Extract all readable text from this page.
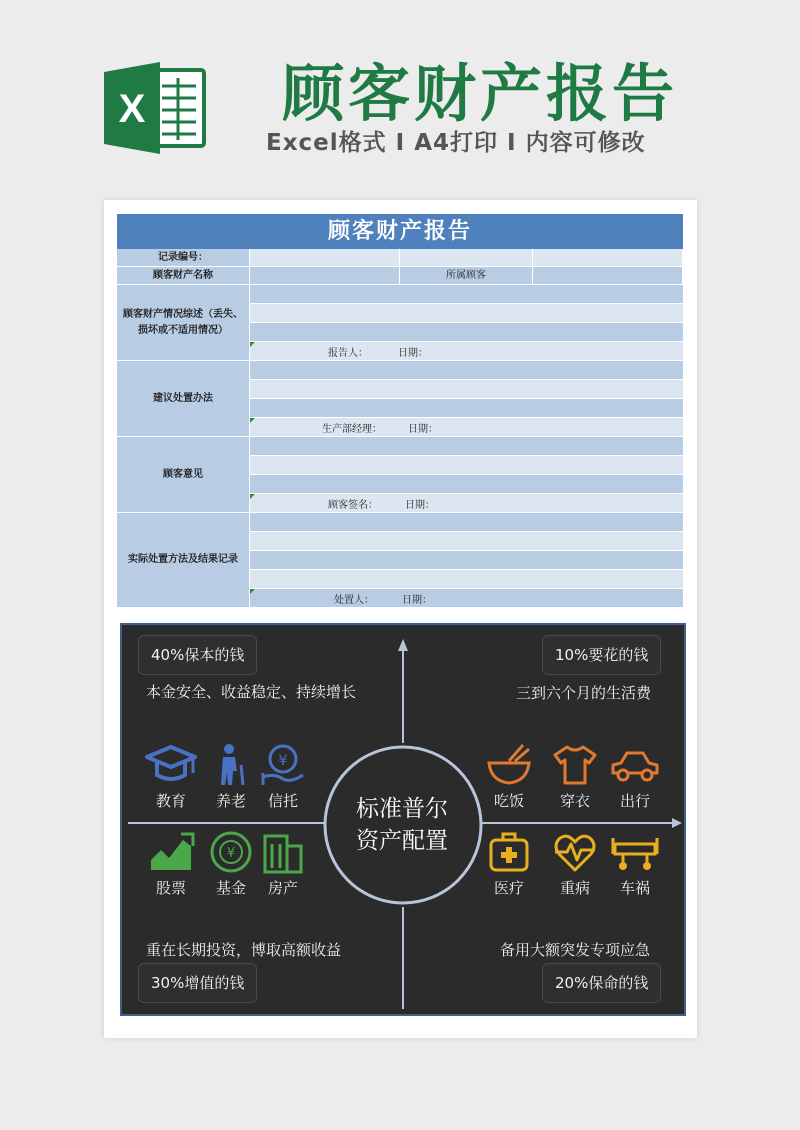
X 顾客财产报告
Excel格式 I A4打印 I 内容可修改
顾客财产报告
记录编号：
顾客财产名称	所属顾客
顾客财产情况综述（丢失、损坏或不适用情况）
报告人：	日期：
建议处置办法
生产部经理：	日期：
顾客意见
顾客签名：	日期：
实际处置方法及结果记录
处置人：	日期：
标准普尔
资产配置
40%保本的钱
本金安全、收益稳定、持续增长
10%要花的钱
三到六个月的生活费
重在长期投资，博取高额收益
30%增值的钱
备用大额突发专项应急
20%保命的钱
教育	养老
¥
信托
股票
¥
基金	房产
吃饭	穿衣	出行
医疗	重病	车祸
